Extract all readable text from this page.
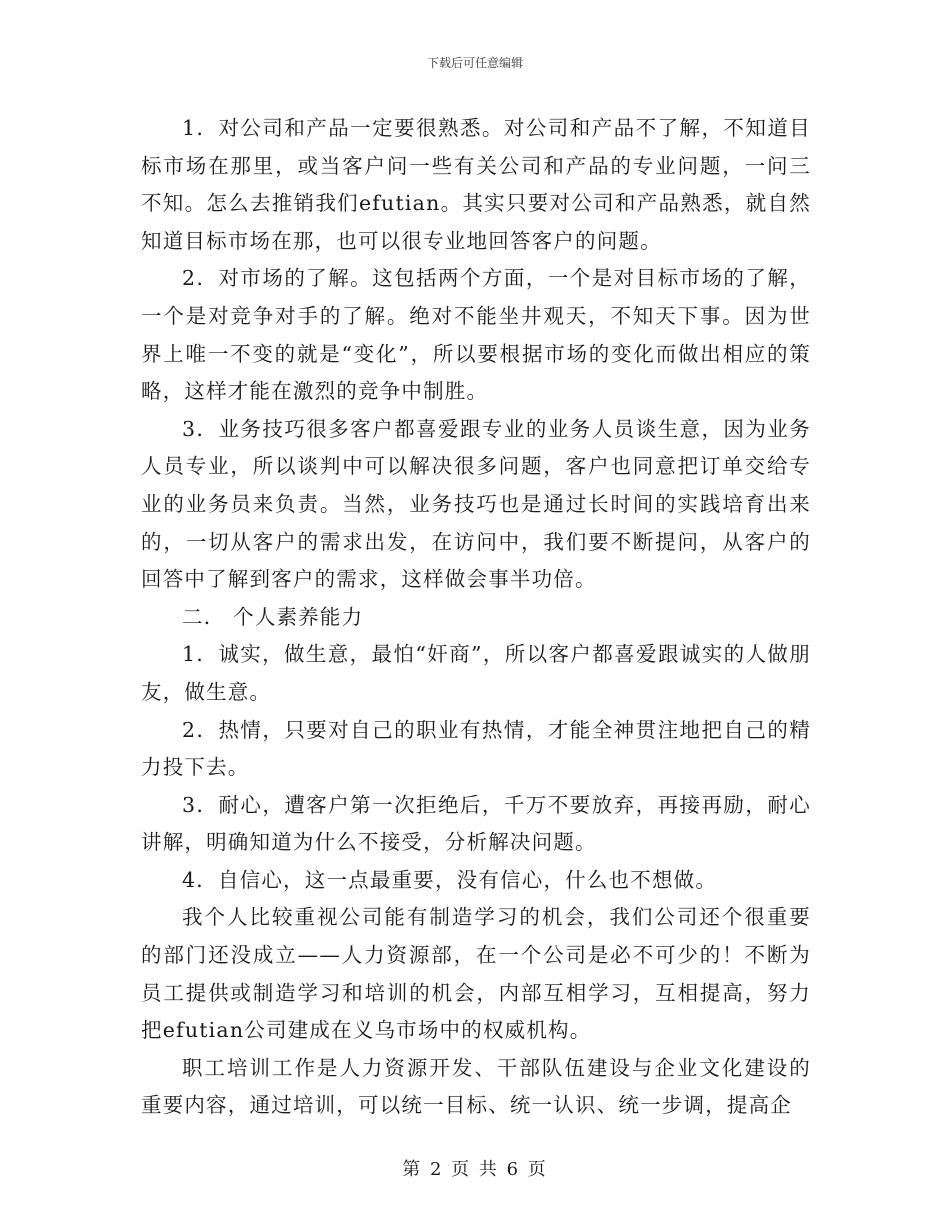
下载后可任意编辑

1．对公司和产品一定要很熟悉。对公司和产品不了解，不知道目标市场在那里，或当客户问一些有关公司和产品的专业问题，一问三不知。怎么去推销我们efutian。其实只要对公司和产品熟悉，就自然知道目标市场在那，也可以很专业地回答客户的问题。

2．对市场的了解。这包括两个方面，一个是对目标市场的了解，一个是对竞争对手的了解。绝对不能坐井观天，不知天下事。因为世界上唯一不变的就是“变化”，所以要根据市场的变化而做出相应的策略，这样才能在激烈的竞争中制胜。

3．业务技巧很多客户都喜爱跟专业的业务人员谈生意，因为业务人员专业，所以谈判中可以解决很多问题，客户也同意把订单交给专业的业务员来负责。当然，业务技巧也是通过长时间的实践培育出来的，一切从客户的需求出发，在访问中，我们要不断提问，从客户的回答中了解到客户的需求，这样做会事半功倍。

二． 个人素养能力

1．诚实，做生意，最怕“奸商”，所以客户都喜爱跟诚实的人做朋友，做生意。

2．热情，只要对自己的职业有热情，才能全神贯注地把自己的精力投下去。

3．耐心，遭客户第一次拒绝后，千万不要放弃，再接再励，耐心讲解，明确知道为什么不接受，分析解决问题。

4．自信心，这一点最重要，没有信心，什么也不想做。

我个人比较重视公司能有制造学习的机会，我们公司还个很重要的部门还没成立——人力资源部，在一个公司是必不可少的！不断为员工提供或制造学习和培训的机会，内部互相学习，互相提高，努力把efutian公司建成在义乌市场中的权威机构。

职工培训工作是人力资源开发、干部队伍建设与企业文化建设的重要内容，通过培训，可以统一目标、统一认识、统一步调，提高企

第 2 页 共 6 页
